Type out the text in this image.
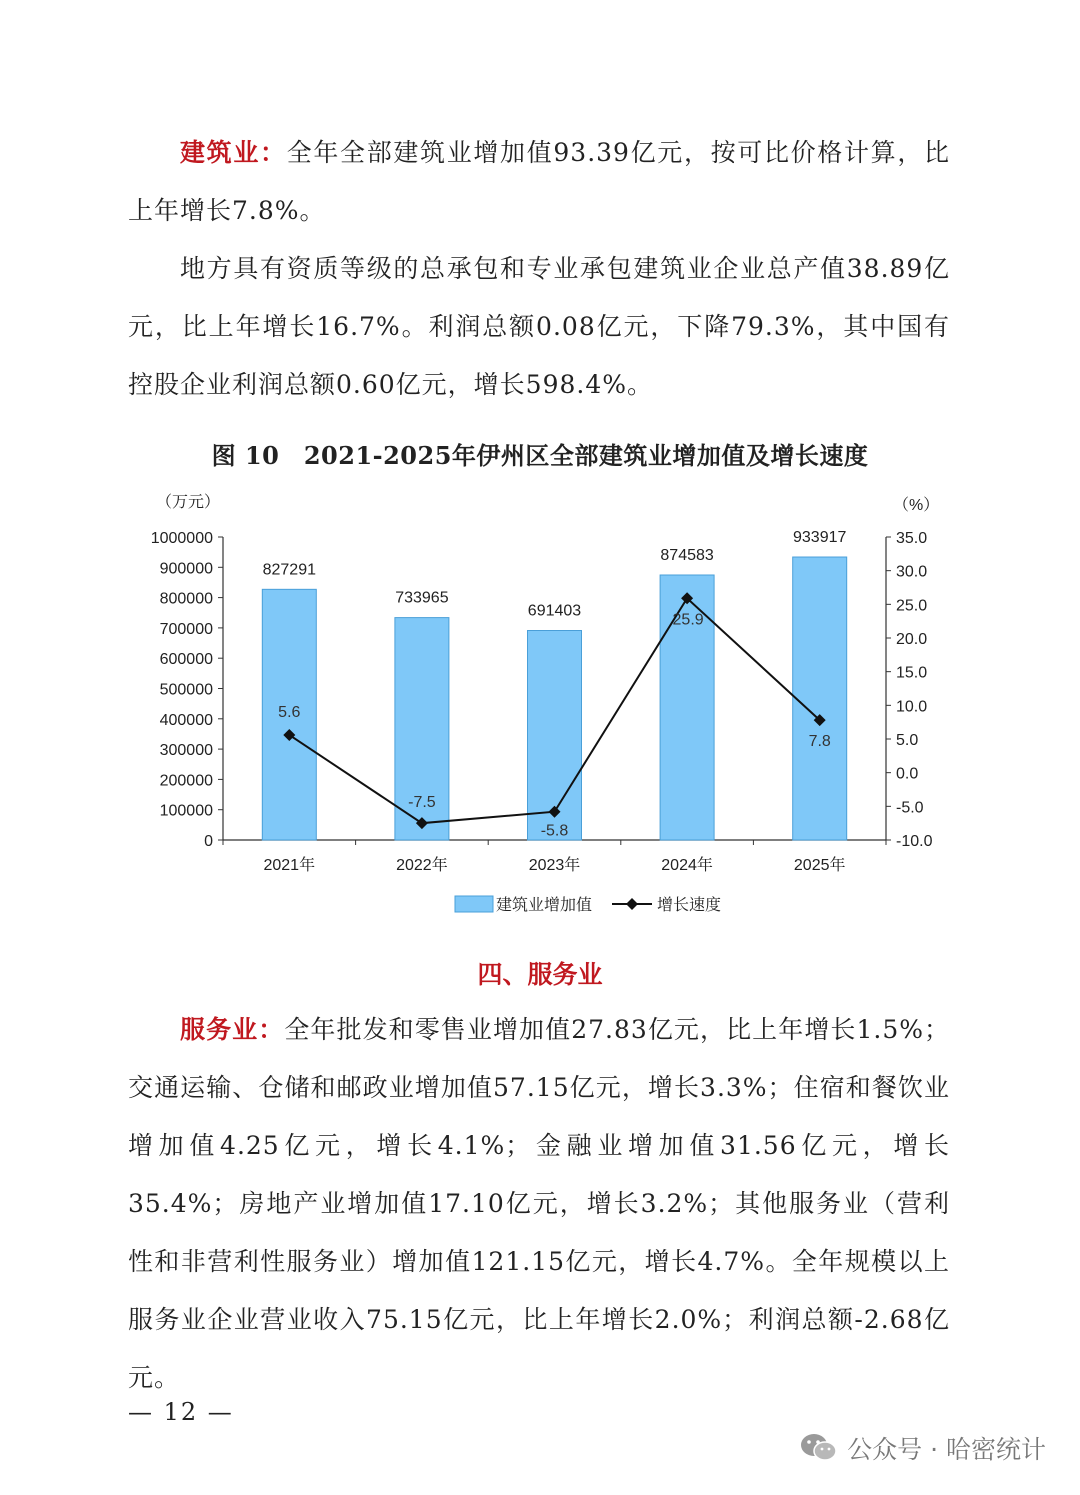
建筑业：全年全部建筑业增加值93.39亿元，按可比价格计算，比上年增长7.8%。

地方具有资质等级的总承包和专业承包建筑业企业总产值38.89亿元，比上年增长16.7%。利润总额0.08亿元，下降79.3%，其中国有控股企业利润总额0.60亿元，增长598.4%。

图 10　2021-2025年伊州区全部建筑业增加值及增长速度
0
100000
200000
300000
400000
500000
600000
700000
800000
900000
1000000
-10.0
-5.0
0.0
5.0
10.0
15.0
20.0
25.0
30.0
35.0
（万元）	（%）
827291
733965
691403
874583
933917
2021年	2022年	2023年	2024年	2025年
5.6
-7.5
-5.8
25.9
7.8
建筑业增加值	增长速度
四、服务业

服务业：全年批发和零售业增加值27.83亿元，比上年增长1.5%；交通运输、仓储和邮政业增加值57.15亿元，增长3.3%；住宿和餐饮业增加值4.25亿元，增长4.1%；金融业增加值31.56亿元，增长35.4%；房地产业增加值17.10亿元，增长3.2%；其他服务业（营利性和非营利性服务业）增加值121.15亿元，增长4.7%。全年规模以上服务业企业营业收入75.15亿元，比上年增长2.0%；利润总额-2.68亿元。

— 12 —
公众号 · 哈密统计
